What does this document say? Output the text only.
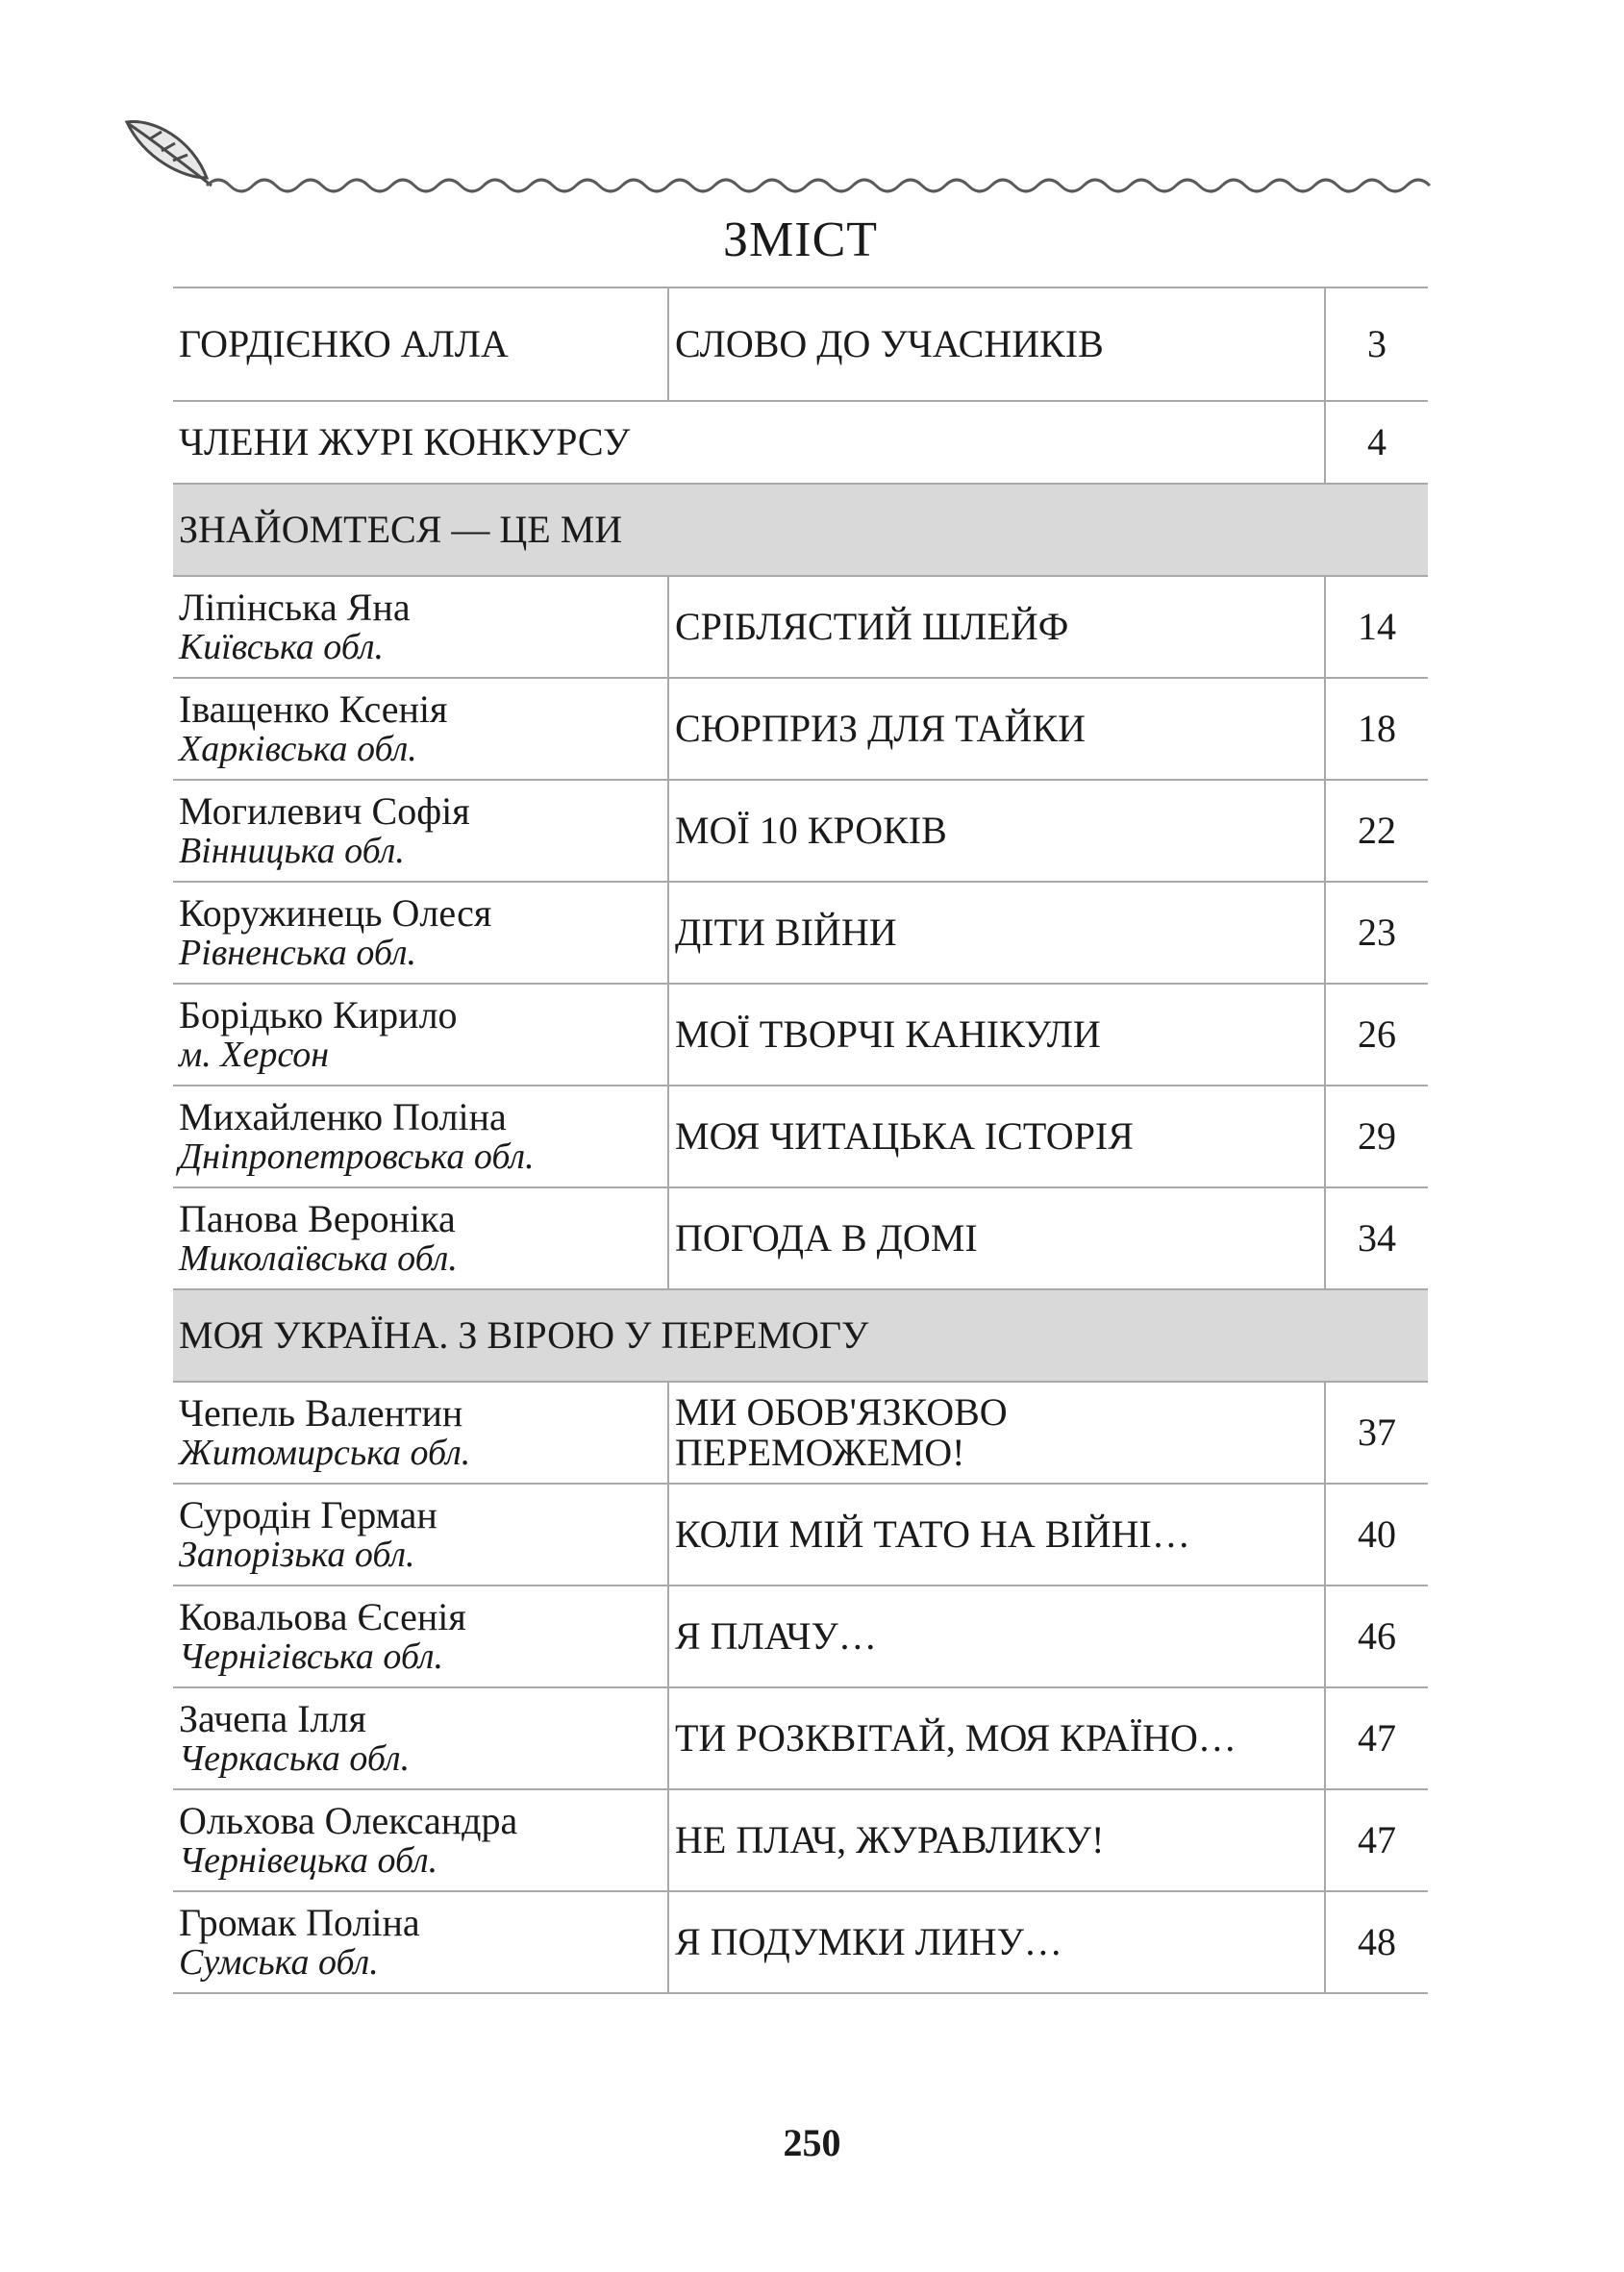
ЗМІСТ
ГОРДІЄНКО АЛЛА	СЛОВО ДО УЧАСНИКІВ	3

ЧЛЕНИ ЖУРІ КОНКУРСУ		4
ЗНАЙОМТЕСЯ — ЦЕ МИ		

Ліпінська Яна
Київська обл.	СРІБЛЯСТИЙ ШЛЕЙФ	14

Іващенко Ксенія
Харківська обл.	СЮРПРИЗ ДЛЯ ТАЙКИ	18

Могилевич Софія
Вінницька обл.	МОЇ 10 КРОКІВ	22

Коружинець Олеся
Рівненська обл.	ДІТИ ВІЙНИ	23

Борідько Кирило
м. Херсон	МОЇ ТВОРЧІ КАНІКУЛИ	26

Михайленко Поліна
Дніпропетровська обл.	МОЯ ЧИТАЦЬКА ІСТОРІЯ	29

Панова Вероніка
Миколаївська обл.	ПОГОДА В ДОМІ	34
МОЯ УКРАЇНА. З ВІРОЮ У ПЕРЕМОГУ		

Чепель Валентин
Житомирська обл.	МИ ОБОВ'ЯЗКОВО
ПЕРЕМОЖЕМО!	37

Суродін Герман
Запорізька обл.	КОЛИ МІЙ ТАТО НА ВІЙНІ…	40

Ковальова Єсенія
Чернігівська обл.	Я ПЛАЧУ…	46

Зачепа Ілля
Черкаська обл.	ТИ РОЗКВІТАЙ, МОЯ КРАЇНО…	47

Ольхова Олександра
Чернівецька обл.	НЕ ПЛАЧ, ЖУРАВЛИКУ!	47

Громак Поліна
Сумська обл.	Я ПОДУМКИ ЛИНУ…	48
250
